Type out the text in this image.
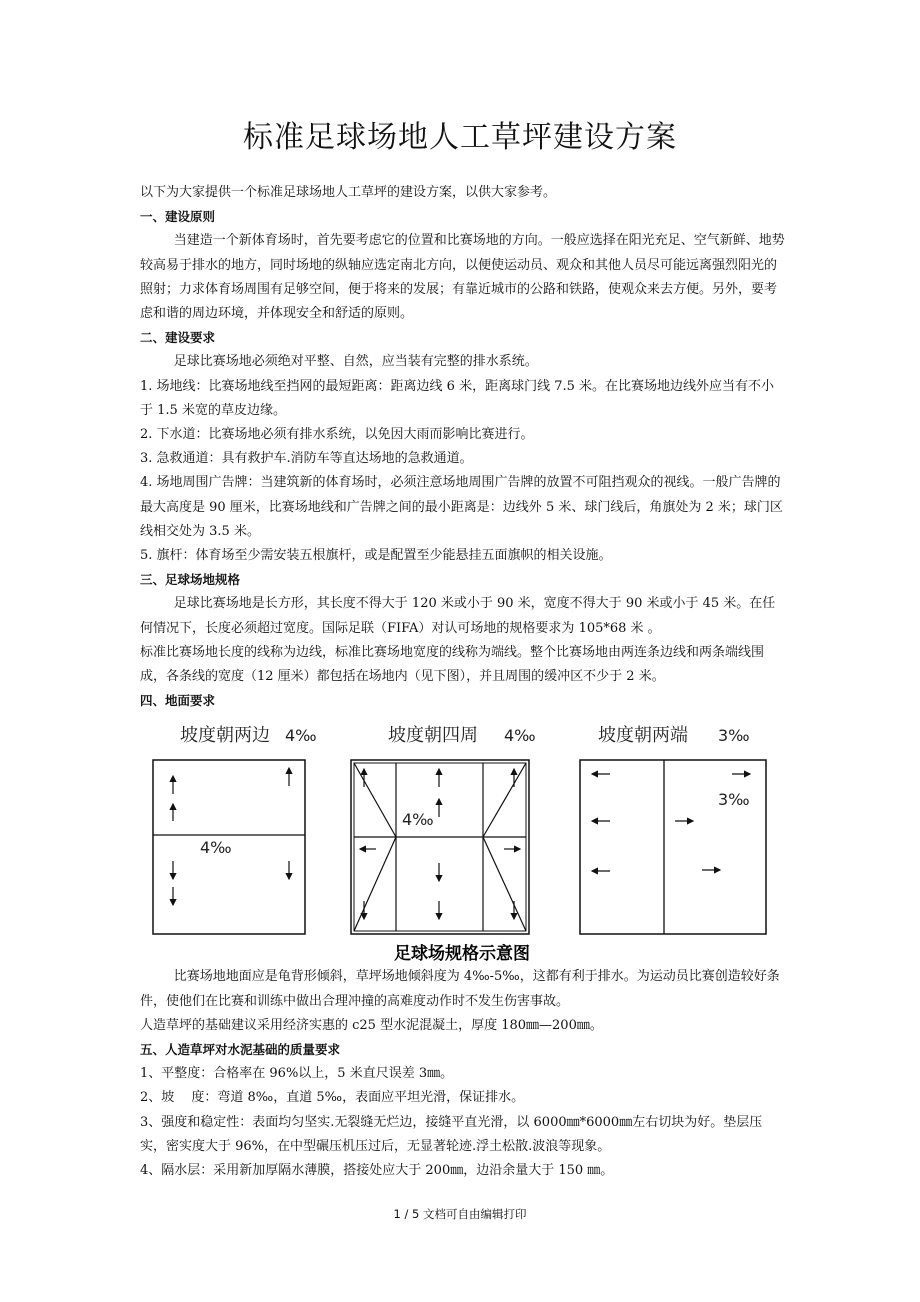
标准足球场地人工草坪建设方案

以下为大家提供一个标准足球场地人工草坪的建设方案，以供大家参考。

一、建设原则

当建造一个新体育场时，首先要考虑它的位置和比赛场地的方向。一般应选择在阳光充足、空气新鲜、地势较高易于排水的地方，同时场地的纵轴应选定南北方向，以便使运动员、观众和其他人员尽可能远离强烈阳光的照射；力求体育场周围有足够空间，便于将来的发展；有靠近城市的公路和铁路，使观众来去方便。另外，要考虑和谐的周边环境，并体现安全和舒适的原则。

二、建设要求

足球比赛场地必须绝对平整、自然，应当装有完整的排水系统。

1. 场地线：比赛场地线至挡网的最短距离：距离边线 6 米，距离球门线 7.5 米。在比赛场地边线外应当有不小于 1.5 米宽的草皮边缘。

2. 下水道：比赛场地必须有排水系统，以免因大雨而影响比赛进行。

3. 急救通道：具有救护车.消防车等直达场地的急救通道。

4. 场地周围广告牌：当建筑新的体育场时，必须注意场地周围广告牌的放置不可阻挡观众的视线。一般广告牌的最大高度是 90 厘米，比赛场地线和广告牌之间的最小距离是：边线外 5 米、球门线后，角旗处为 2 米；球门区线相交处为 3.5 米。

5. 旗杆：体育场至少需安装五根旗杆，或是配置至少能悬挂五面旗帜的相关设施。

三、足球场地规格

足球比赛场地是长方形，其长度不得大于 120 米或小于 90 米，宽度不得大于 90 米或小于 45 米。在任何情况下，长度必须超过宽度。国际足联（FIFA）对认可场地的规格要求为 105*68 米 。

标准比赛场地长度的线称为边线，标准比赛场地宽度的线称为端线。整个比赛场地由两连条边线和两条端线围成，各条线的宽度（12 厘米）都包括在场地内（见下图），并且周围的缓冲区不少于 2 米。

四、地面要求

坡度朝两边 4‰	坡度朝四周 4‰	坡度朝两端 3‰
4‰
4‰
3‰
足球场规格示意图

比赛场地地面应是龟背形倾斜，草坪场地倾斜度为 4‰-5‰，这都有利于排水。为运动员比赛创造较好条件，使他们在比赛和训练中做出合理冲撞的高难度动作时不发生伤害事故。

人造草坪的基础建议采用经济实惠的 c25 型水泥混凝土，厚度 180㎜—200㎜。

五、人造草坪对水泥基础的质量要求

1、平整度：合格率在 96%以上，5 米直尺误差 3㎜。

2、坡　 度：弯道 8‰，直道 5‰，表面应平坦光滑，保证排水。

3、强度和稳定性：表面均匀坚实.无裂缝无烂边，接缝平直光滑，以 6000㎜*6000㎜左右切块为好。垫层压实，密实度大于 96%，在中型碾压机压过后，无显著轮迹.浮土松散.波浪等现象。

4、隔水层：采用新加厚隔水薄膜，搭接处应大于 200㎜，边沿余量大于 150 ㎜。

1 / 5 文档可自由编辑打印
